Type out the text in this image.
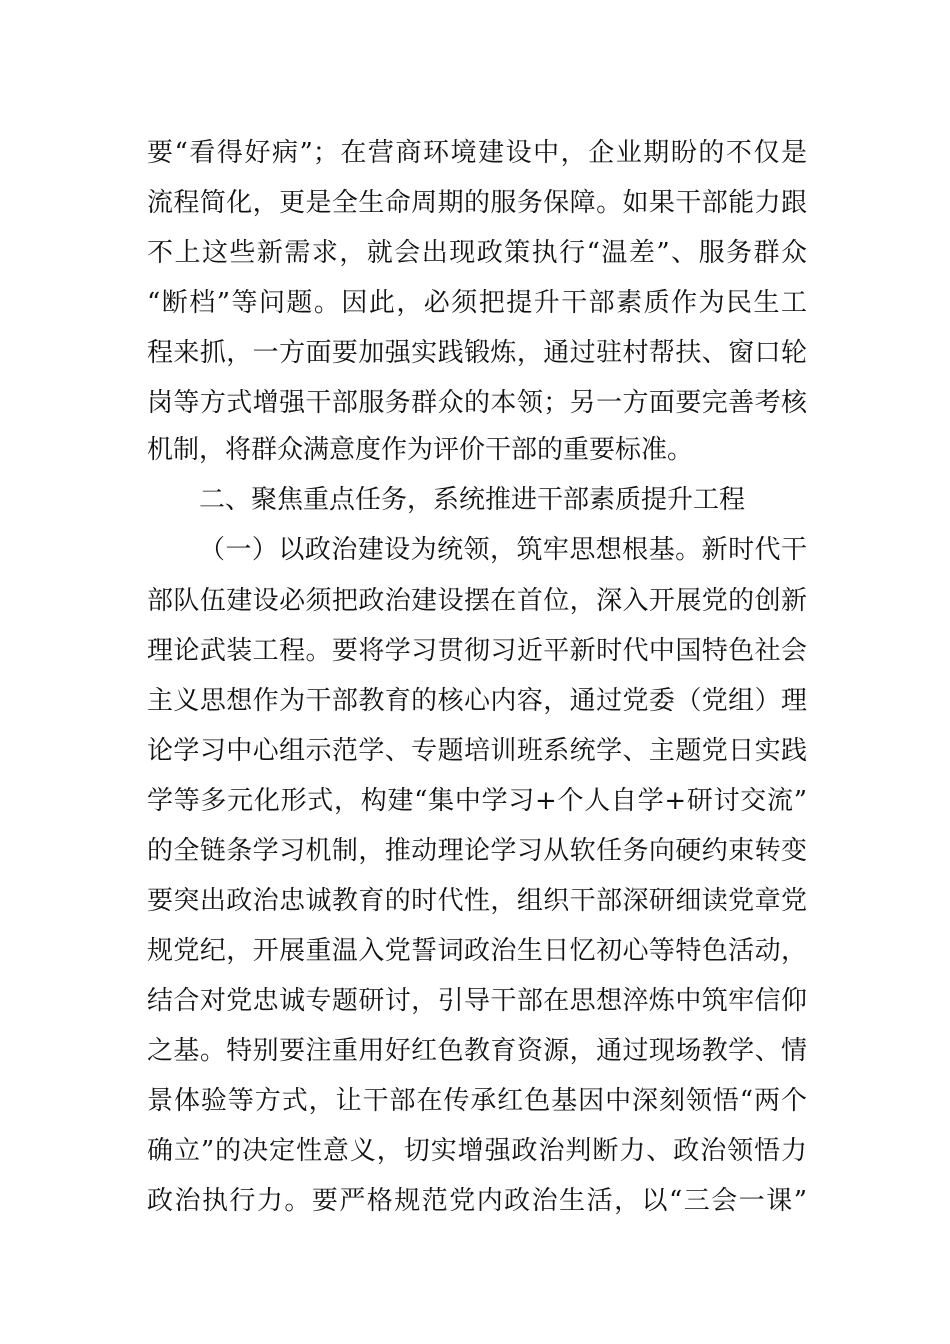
要“看得好病”；在营商环境建设中，企业期盼的不仅是
流程简化，更是全生命周期的服务保障。如果干部能力跟
不上这些新需求，就会出现政策执行“温差”、服务群众
“断档”等问题。因此，必须把提升干部素质作为民生工
程来抓，一方面要加强实践锻炼，通过驻村帮扶、窗口轮
岗等方式增强干部服务群众的本领；另一方面要完善考核
机制，将群众满意度作为评价干部的重要标准。
二、聚焦重点任务，系统推进干部素质提升工程
（一）以政治建设为统领，筑牢思想根基。新时代干
部队伍建设必须把政治建设摆在首位，深入开展党的创新
理论武装工程。要将学习贯彻习近平新时代中国特色社会
主义思想作为干部教育的核心内容，通过党委（党组）理
论学习中心组示范学、专题培训班系统学、主题党日实践
学等多元化形式，构建“集中学习+个人自学+研讨交流”
的全链条学习机制，推动理论学习从软任务向硬约束转变
要突出政治忠诚教育的时代性，组织干部深研细读党章党
规党纪，开展重温入党誓词政治生日忆初心等特色活动，
结合对党忠诚专题研讨，引导干部在思想淬炼中筑牢信仰
之基。特别要注重用好红色教育资源，通过现场教学、情
景体验等方式，让干部在传承红色基因中深刻领悟“两个
确立”的决定性意义，切实增强政治判断力、政治领悟力
政治执行力。要严格规范党内政治生活，以“三会一课”
